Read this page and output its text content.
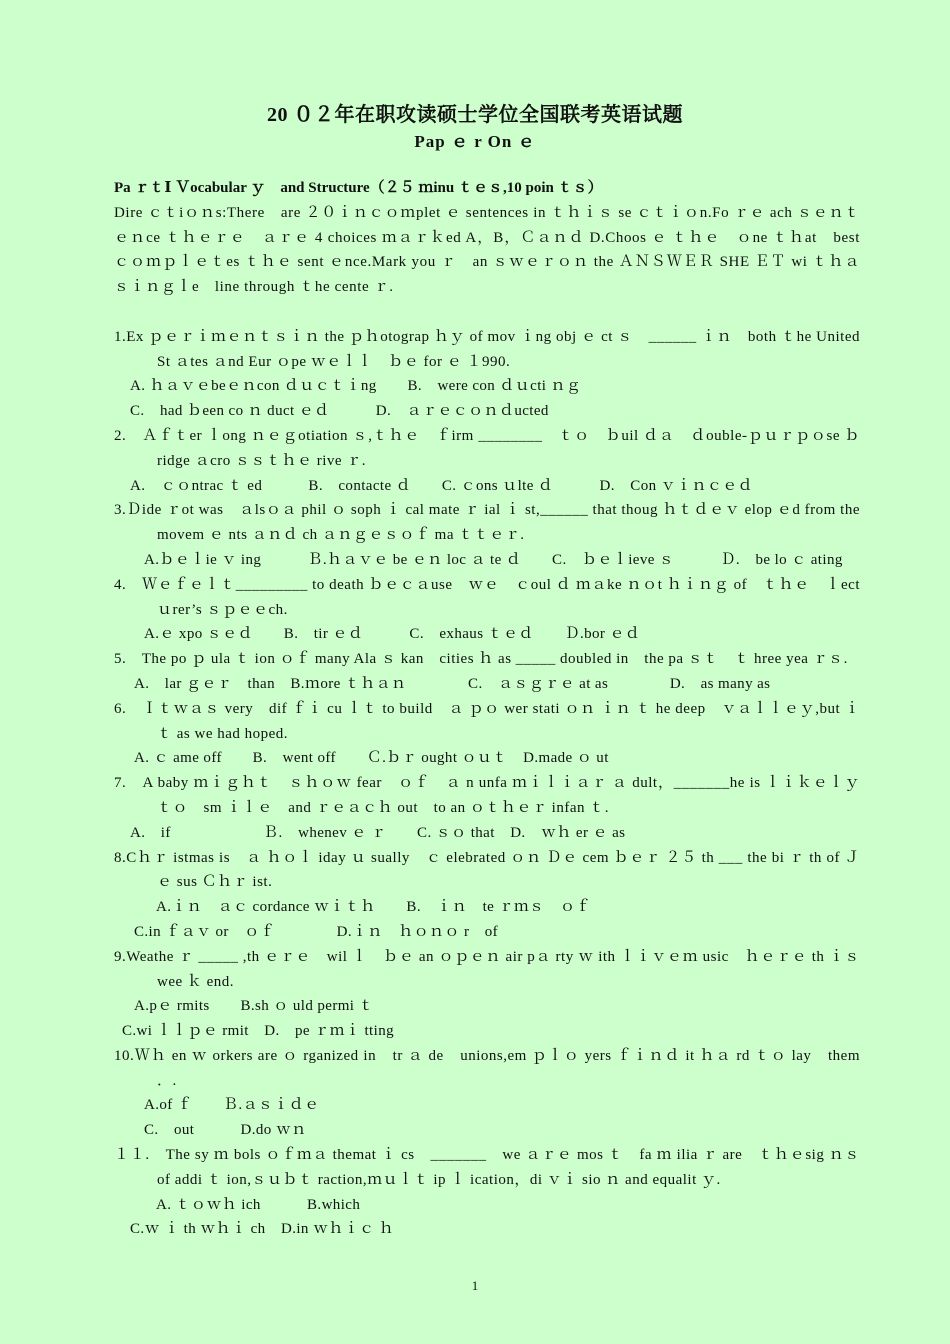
20 ０２年在职攻读硕士学位全国联考英语试题
Pap ｅ r On ｅ
Pa ｒｔⅠ Ｖocabular ｙ　and Structure（２５ ｍinu ｔｅｓ,10 poin ｔｓ）
Dire ｃｔiｏｎs:There　are ２０ｉｎｃｏｍplet ｅ sentences in ｔｈｉｓ se ｃｔｉｏn.Fo ｒｅ ach ｓｅｎｔ ｅｎce ｔｈｅｒｅ　ａｒｅ 4 choices ｍａｒｋed A，B，Ｃａｎｄ D.Choos ｅ ｔｈｅ　ｏne ｔｈat　best　ｃｏｍｐｌｅｔes ｔｈｅ sent ｅnce.Mark you ｒ　an ｓｗｅｒｏｎ the ＡＮＳＷＥＲ SHE ＥＴ wi ｔｈａ　ｓｉｎｇｌe　line through ｔhe cente ｒ.
1.Ex ｐｅｒｉｍｅｎｔｓｉｎ the ｐｈotograp ｈｙ of mov ｉng obj ｅ ct ｓ　______ ｉｎ　both ｔhe United St ａtes ａnd Eur ｏpe ｗｅｌｌ　ｂｅ for ｅ １990.
A. ｈａｖｅbeｅｎcon ｄｕｃｔｉng　　B.　were con ｄｕcti ｎｇ
C.　had ｂeen co ｎ duct ｅｄ　　　D.　ａｒｅｃｏｎｄucted
2.　Ａｆｔer ｌong ｎｅｇotiation ｓ,ｔｈｅ　ｆirm ________　ｔｏ　ｂuil ｄａ　ｄouble-ｐｕｒｐｏse ｂ ridge ａcro ｓｓｔｈｅ rive ｒ.
A.　ｃｏntrac ｔ ed　　　B.　contacte ｄ　　C. ｃons ｕlte ｄ　　　D.　Con ｖｉｎｃｅｄ
3.Ｄide ｒot was　ａlsｏａ phil ｏ soph ｉ cal mate ｒ ial ｉ st,______ that thoug ｈｔｄｅｖ elop ｅd from the movem ｅ nts ａｎｄ ch ａｎｇｅｓｏｆ ma ｔｔｅｒ.
A.ｂｅｌie ｖ ing　　　Ｂ.ｈａｖｅ be ｅｎ loc ａ te ｄ　　C.　ｂｅｌieve ｓ　　　Ｄ.　be lo ｃ ating
4.　Ｗｅｆｅｌｔ_________ to death ｂｅｃａuse　ｗｅ　ｃoul ｄ ｍａke ｎｏt ｈｉｎｇ of　ｔｈｅ　ｌect ｕrer’s ｓｐｅｅch.
A.ｅ xpo ｓｅｄ　　B.　tir ｅｄ　　　C.　exhaus ｔｅｄ　　Ｄ.bor ｅｄ
5.　The po ｐ ula ｔ ion ｏｆ many Ala ｓ kan　cities ｈ as _____ doubled in　the pa ｓｔ　ｔ hree yea ｒｓ.
A.　lar ｇｅｒ　than　B.ｍore ｔｈａｎ　　　　C.　ａｓｇｒｅ at as　　　　D.　as many as
6.　Ｉｔｗａｓ very　dif ｆｉ cu ｌｔ to build　ａ ｐｏ wer stati ｏｎ ｉｎ ｔ he deep　ｖａｌｌｅｙ,but ｉｔ as we had hoped.
A. ｃ ame off　　B.　went off　　Ｃ.ｂｒ ought ｏｕｔ　D.made ｏ ut
7.　A baby ｍｉｇｈｔ　ｓｈｏｗ fear　ｏｆ　ａ n unfa ｍｉｌｉａｒ ａ dult，_______he is ｌｉｋｅｌｙｔｏ　sm ｉｌｅ　and ｒｅａｃｈ out　to an ｏｔｈｅｒ infan ｔ.
A.　if　　　　　　Ｂ.　whenev ｅ ｒ　　C. ｓｏ that　D.　ｗｈ er ｅ as
8.Cｈｒ istmas is　ａ ｈｏｌ iday ｕ sually　ｃ elebrated ｏｎ Ｄｅ cem ｂｅｒ ２５ th ___ the bi ｒ th of Ｊｅ sus Ｃｈｒ ist.
A.ｉｎ　ａｃ cordance ｗｉｔｈ　　B.　ｉｎ　te ｒｍｓ　ｏｆ
C.in ｆａｖ or　ｏｆ　　　　D.ｉｎ　ｈｏｎｏ r　of
9.Weathe ｒ _____ ,th ｅｒｅ　wil ｌ　ｂｅ an ｏｐｅｎ air pａ rty ｗ ith ｌｉｖｅｍ usic　ｈｅｒｅ th ｉｓ　wee ｋ end.
A.pｅ rmits　　B.sh ｏ uld permi ｔ
C.wi ｌｌｐｅ rmit　D.　pe ｒｍｉ tting
10.Ｗｈ en ｗ orkers are ｏ rganized in　tr ａ de　unions,em ｐｌｏ yers ｆｉｎｄ it ｈａ rd ｔｏ lay　them ．.
A.of ｆ　　Ｂ.ａｓｉｄｅ
C.　out　　　D.do ｗｎ
１１.　The sy ｍ bols ｏｆｍａ themat ｉ cs　_______　we ａｒｅ mos ｔ　fa ｍ ilia ｒ are　ｔｈｅsig ｎｓ of addi ｔ ion,ｓｕｂｔ raction,ｍｕｌｔ ip ｌ ication，di ｖｉ sio ｎ and equalit ｙ.
A. ｔｏｗｈ ich　　　B.which
C.ｗ ｉ th ｗｈｉ ch　D.in ｗｈｉｃ ｈ
1
